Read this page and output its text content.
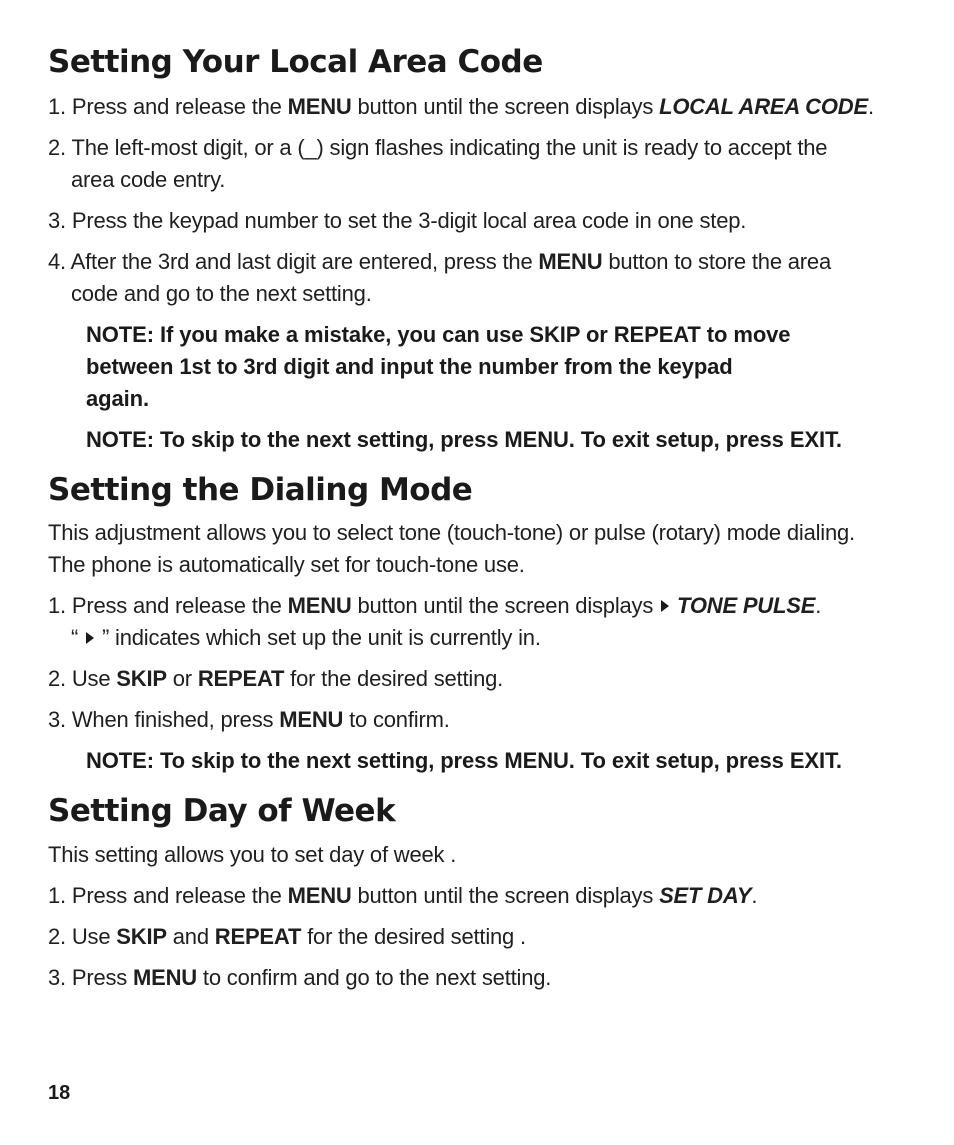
Setting Your Local Area Code

1. Press and release the MENU button until the screen displays LOCAL AREA CODE.

2. The left-most digit, or a (_) sign flashes indicating the unit is ready to accept the

area code entry.

3. Press the keypad number to set the 3-digit local area code in one step.

4. After the 3rd and last digit are entered, press the MENU button to store the area

code and go to the next setting.

NOTE: If you make a mistake, you can use SKIP or REPEAT to move

between 1st to 3rd digit and input the number from the keypad

again.

NOTE: To skip to the next setting, press MENU. To exit setup, press EXIT.

Setting the Dialing Mode

This adjustment allows you to select tone (touch-tone) or pulse (rotary) mode dialing.

The phone is automatically set for touch-tone use.

1. Press and release the MENU button until the screen displays  TONE PULSE.

“ ” indicates which set up the unit is currently in.

2. Use SKIP or REPEAT for the desired setting.

3. When finished, press MENU to confirm.

NOTE: To skip to the next setting, press MENU. To exit setup, press EXIT.

Setting Day of Week

This setting allows you to set day of week .

1. Press and release the MENU button until the screen displays SET DAY.

2. Use SKIP and REPEAT for the desired setting .

3. Press MENU to confirm and go to the next setting.

18
